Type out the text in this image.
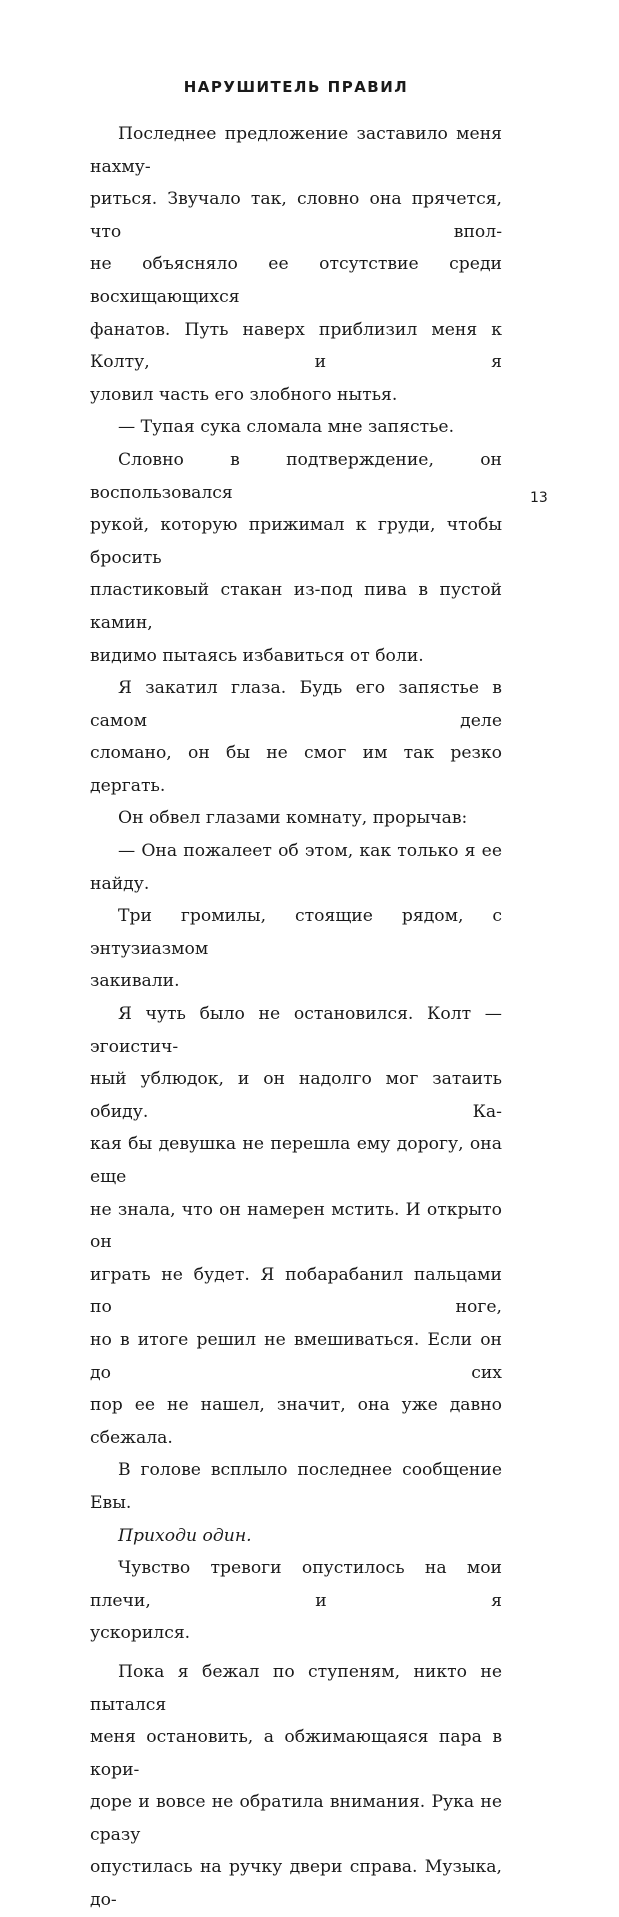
НАРУШИТЕЛЬ ПРАВИЛ

Последнее предложение заставило меня нахму-
риться. Звучало так, словно она прячется, что впол-
не объясняло ее отсутствие среди восхищающихся
фанатов. Путь наверх приблизил меня к Колту, и я
уловил часть его злобного нытья.

— Тупая сука сломала мне запястье.

Словно в подтверждение, он воспользовался
рукой, которую прижимал к груди, чтобы бросить
пластиковый стакан из-под пива в пустой камин,
видимо пытаясь избавиться от боли.

Я закатил глаза. Будь его запястье в самом деле
сломано, он бы не смог им так резко дергать.

Он обвел глазами комнату, прорычав:

— Она пожалеет об этом, как только я ее найду.

Три громилы, стоящие рядом, с энтузиазмом
закивали.

Я чуть было не остановился. Колт — эгоистич-
ный ублюдок, и он надолго мог затаить обиду. Ка-
кая бы девушка не перешла ему дорогу, она еще
не знала, что он намерен мстить. И открыто он
играть не будет. Я побарабанил пальцами по ноге,
но в итоге решил не вмешиваться. Если он до сих
пор ее не нашел, значит, она уже давно сбежала.

В голове всплыло последнее сообщение Евы.

Приходи один.

Чувство тревоги опустилось на мои плечи, и я
ускорился.

Пока я бежал по ступеням, никто не пытался
меня остановить, а обжимающаяся пара в кори-
доре и вовсе не обратила внимания. Рука не сразу
опустилась на ручку двери справа. Музыка, до-

13
